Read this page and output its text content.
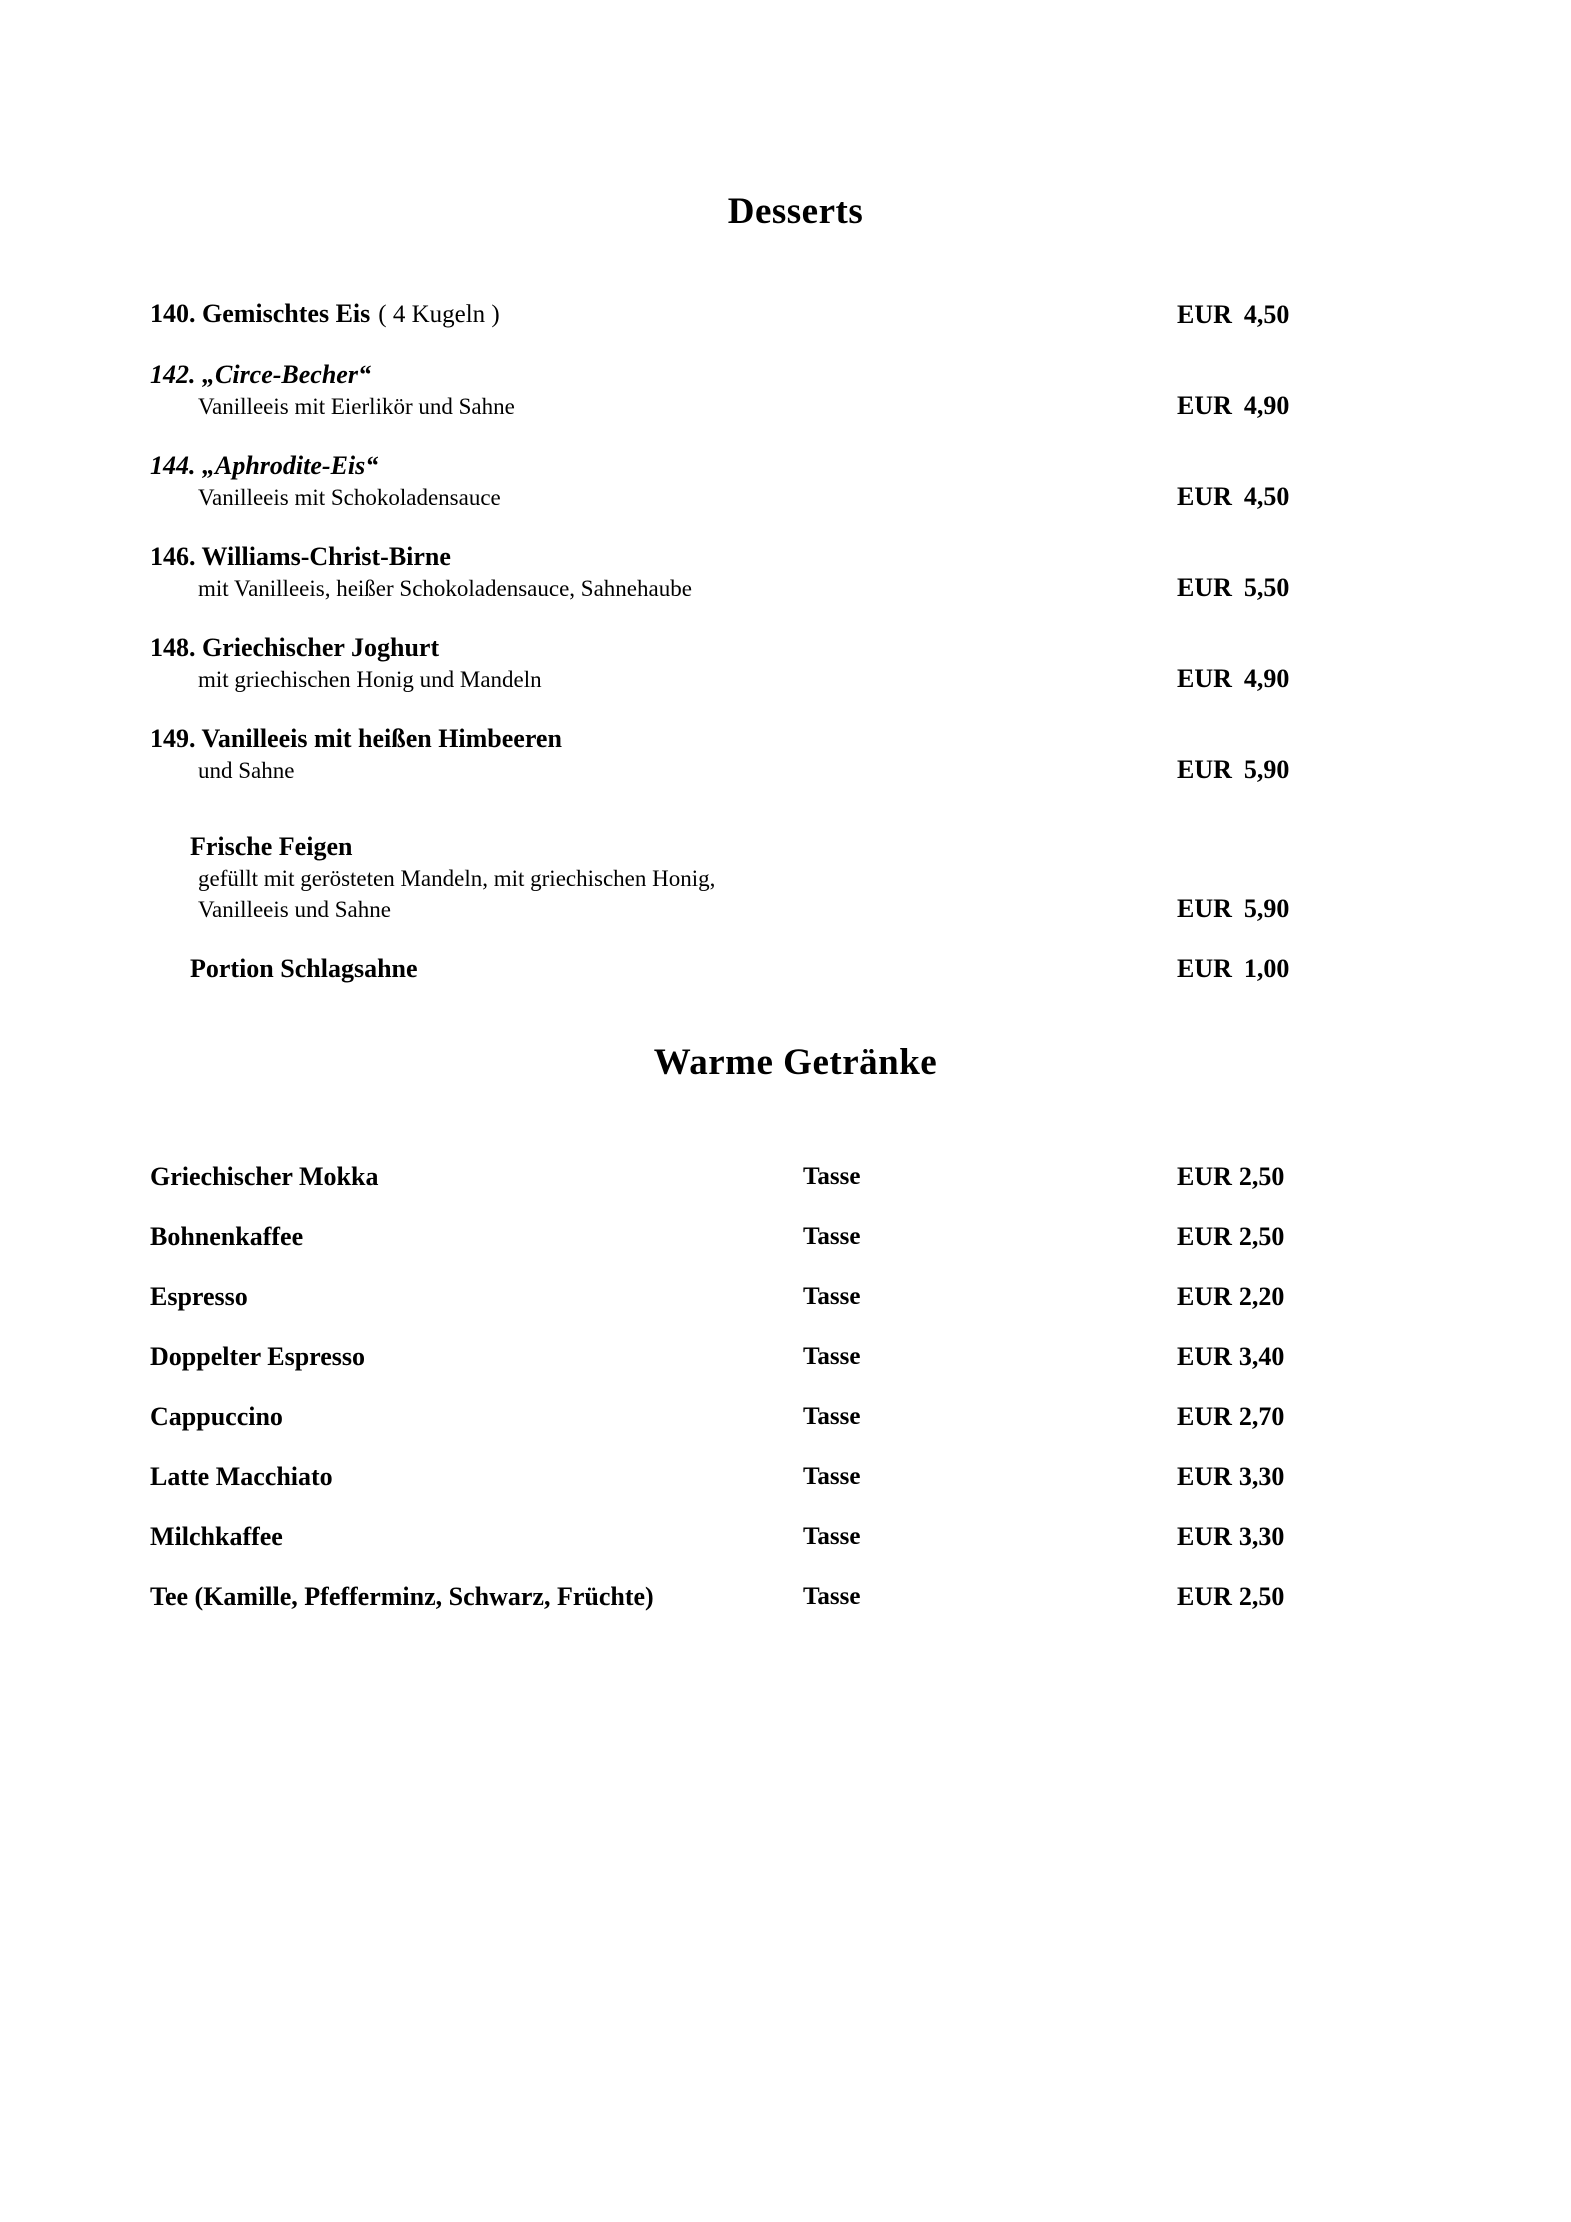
Desserts
140. Gemischtes Eis ( 4 Kugeln )	EUR 4,50
142. „Circe-Becher“
Vanilleeis mit Eierlikör und Sahne	EUR 4,90
144. „Aphrodite-Eis“
Vanilleeis mit Schokoladensauce	EUR 4,50
146. Williams-Christ-Birne
mit Vanilleeis, heißer Schokoladensauce, Sahnehaube	EUR 5,50
148. Griechischer Joghurt
mit griechischen Honig und Mandeln	EUR 4,90
149. Vanilleeis mit heißen Himbeeren
und Sahne	EUR 5,90
Frische Feigen
gefüllt mit gerösteten Mandeln, mit griechischen Honig,
Vanilleeis und Sahne	EUR 5,90
Portion Schlagsahne	EUR 1,00
Warme Getränke
Griechischer Mokka	Tasse	EUR 2,50
Bohnenkaffee	Tasse	EUR 2,50
Espresso	Tasse	EUR 2,20
Doppelter Espresso	Tasse	EUR 3,40
Cappuccino	Tasse	EUR 2,70
Latte Macchiato	Tasse	EUR 3,30
Milchkaffee	Tasse	EUR 3,30
Tee (Kamille, Pfefferminz, Schwarz, Früchte)	Tasse	EUR 2,50
